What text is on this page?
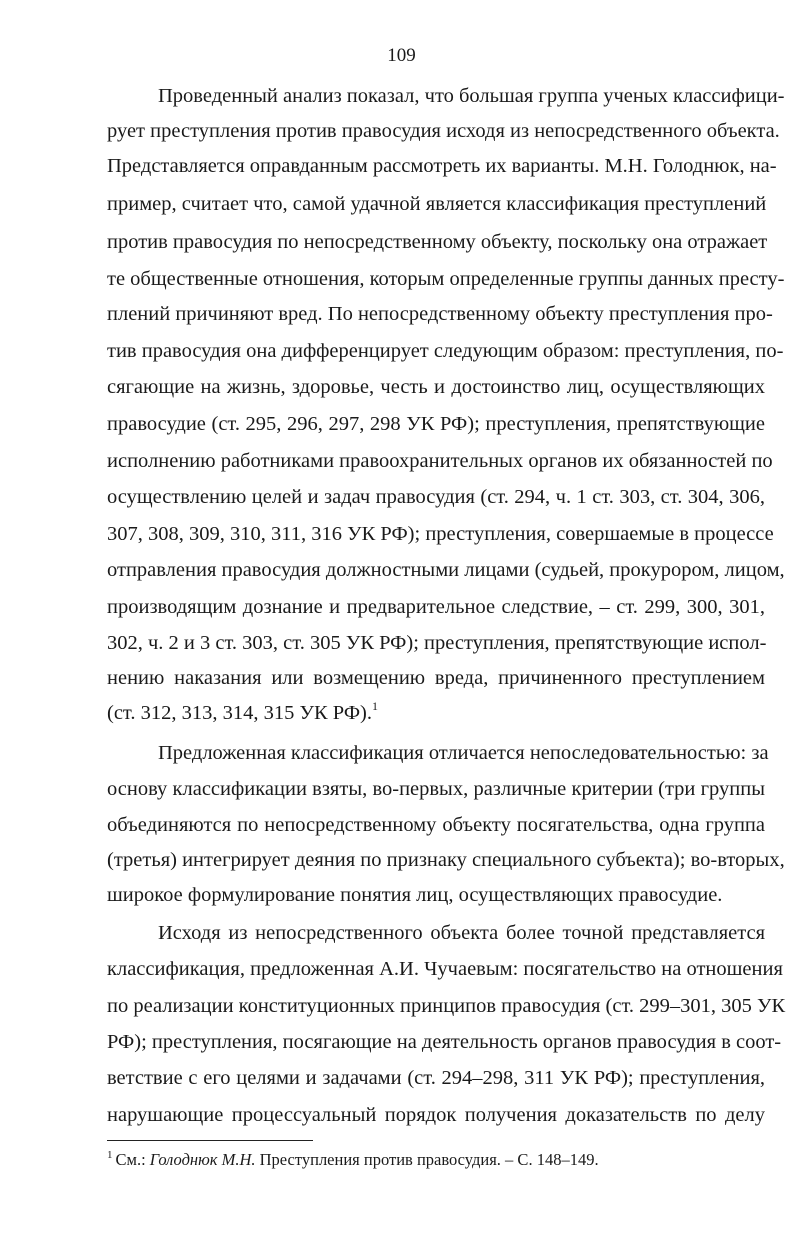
109
Проведенный анализ показал, что большая группа ученых классифици-
рует преступления против правосудия исходя из непосредственного объекта.
Представляется оправданным рассмотреть их варианты. М.Н. Голоднюк, на-
пример, считает что, самой удачной является классификация преступлений
против правосудия по непосредственному объекту, поскольку она отражает
те общественные отношения, которым определенные группы данных престу-
плений причиняют вред. По непосредственному объекту преступления про-
тив правосудия она дифференцирует следующим образом: преступления, по-
сягающие на жизнь, здоровье, честь и достоинство лиц, осуществляющих
правосудие (ст. 295, 296, 297, 298 УК РФ); преступления, препятствующие
исполнению работниками правоохранительных органов их обязанностей по
осуществлению целей и задач правосудия (ст. 294, ч. 1 ст. 303, ст. 304, 306,
307, 308, 309, 310, 311, 316 УК РФ); преступления, совершаемые в процессе
отправления правосудия должностными лицами (судьей, прокурором, лицом,
производящим дознание и предварительное следствие, – ст. 299, 300, 301,
302, ч. 2 и 3 ст. 303, ст. 305 УК РФ); преступления, препятствующие испол-
нению наказания или возмещению вреда, причиненного преступлением
(ст. 312, 313, 314, 315 УК РФ).$^1$
Предложенная классификация отличается непоследовательностью: за
основу классификации взяты, во-первых, различные критерии (три группы
объединяются по непосредственному объекту посягательства, одна группа
(третья) интегрирует деяния по признаку специального субъекта); во-вторых,
широкое формулирование понятия лиц, осуществляющих правосудие.
Исходя из непосредственного объекта более точной представляется
классификация, предложенная А.И. Чучаевым: посягательство на отношения
по реализации конституционных принципов правосудия (ст. 299–301, 305 УК
РФ); преступления, посягающие на деятельность органов правосудия в соот-
ветствие с его целями и задачами (ст. 294–298, 311 УК РФ); преступления,
нарушающие процессуальный порядок получения доказательств по делу
$^1$ См.: Голоднюк М.Н. Преступления против правосудия. – С. 148–149.
